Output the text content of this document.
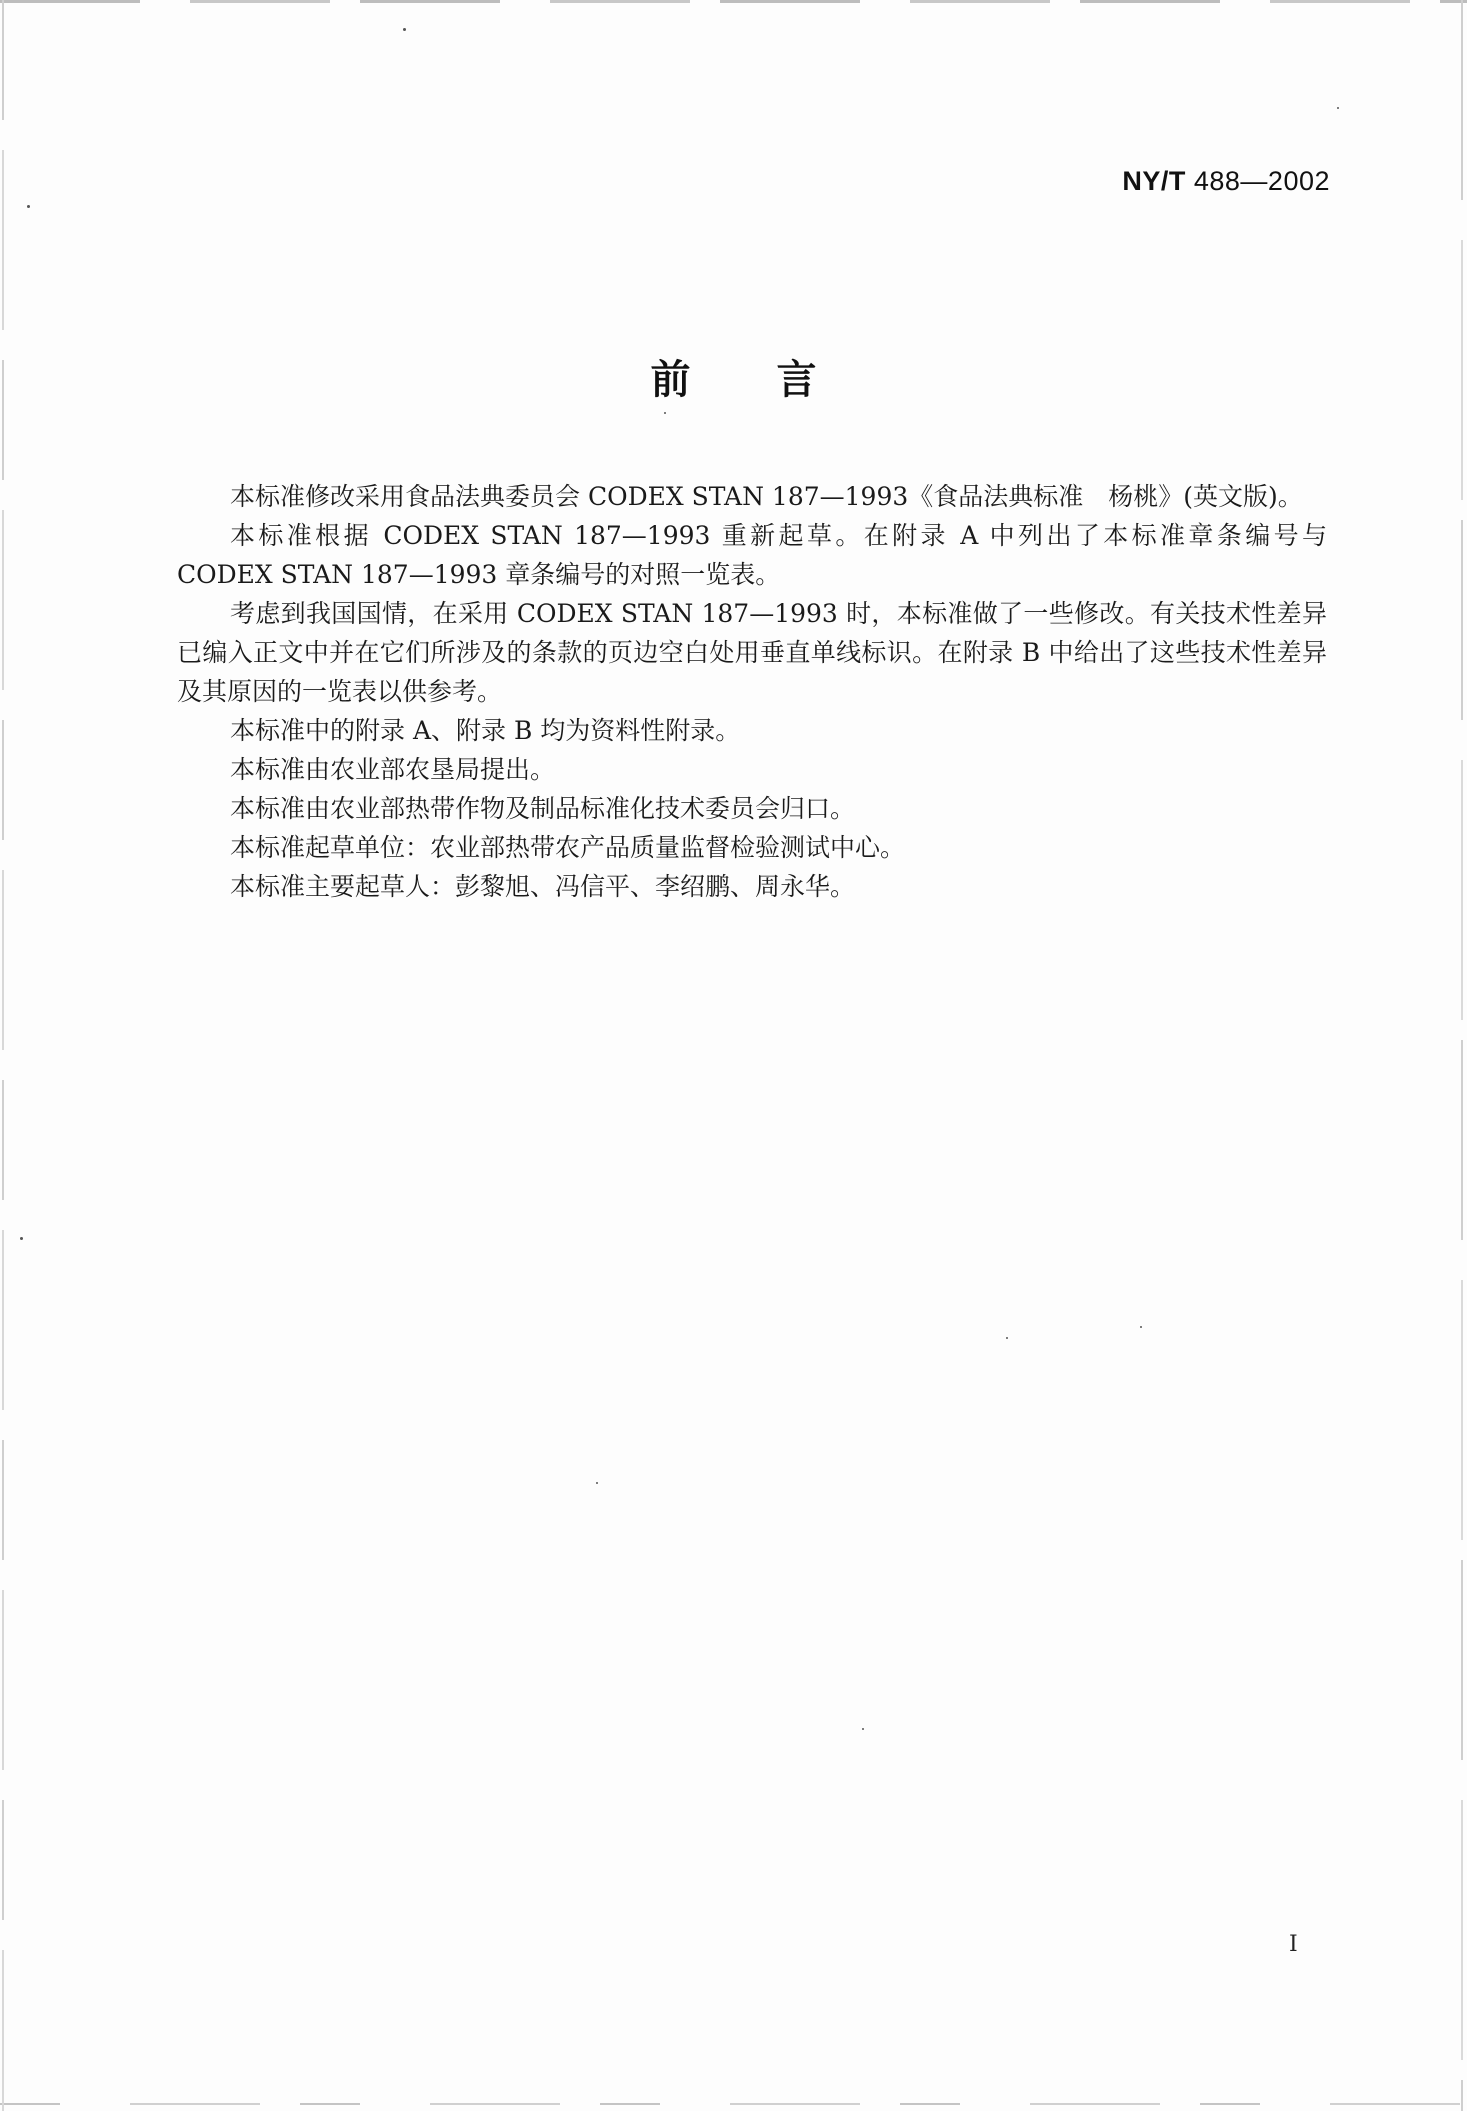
NY/T 488—2002
前 言

本标准修改采用食品法典委员会 CODEX STAN 187—1993《食品法典标准　杨桃》(英文版)。

本标准根据 CODEX STAN 187—1993 重新起草。在附录 A 中列出了本标准章条编号与 CODEX STAN 187—1993 章条编号的对照一览表。

考虑到我国国情，在采用 CODEX STAN 187—1993 时，本标准做了一些修改。有关技术性差异已编入正文中并在它们所涉及的条款的页边空白处用垂直单线标识。在附录 B 中给出了这些技术性差异及其原因的一览表以供参考。

本标准中的附录 A、附录 B 均为资料性附录。

本标准由农业部农垦局提出。

本标准由农业部热带作物及制品标准化技术委员会归口。

本标准起草单位：农业部热带农产品质量监督检验测试中心。

本标准主要起草人：彭黎旭、冯信平、李绍鹏、周永华。

I
